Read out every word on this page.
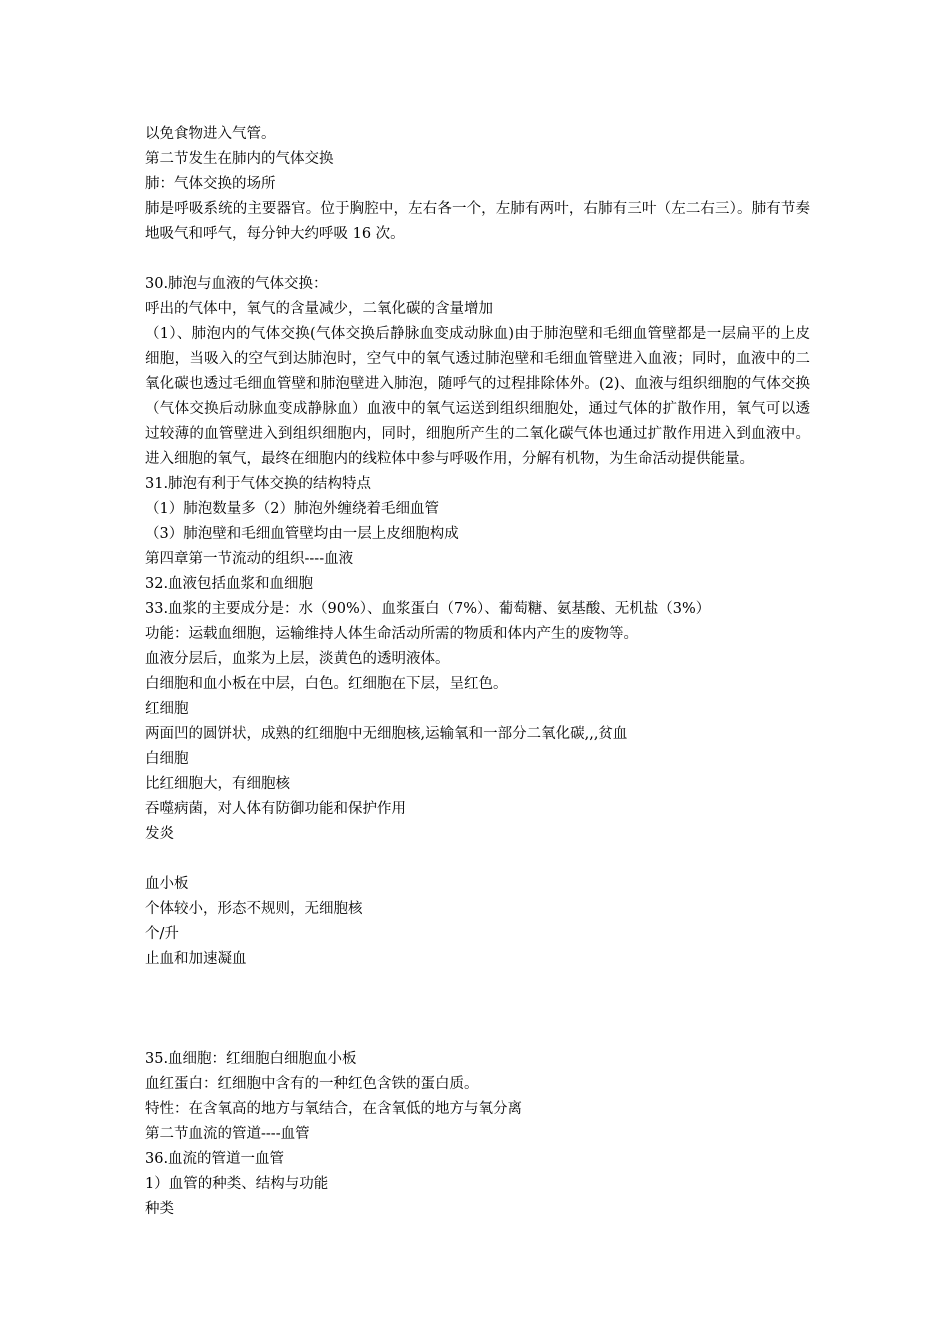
以免食物进入气管。
第二节发生在肺内的气体交换
肺：气体交换的场所
肺是呼吸系统的主要器官。位于胸腔中，左右各一个，左肺有两叶，右肺有三叶（左二右三）。肺有节奏地吸气和呼气，每分钟大约呼吸 16 次。
30.肺泡与血液的气体交换：
呼出的气体中，氧气的含量减少，二氧化碳的含量增加
（1）、肺泡内的气体交换(气体交换后静脉血变成动脉血)由于肺泡壁和毛细血管壁都是一层扁平的上皮细胞，当吸入的空气到达肺泡时，空气中的氧气透过肺泡壁和毛细血管壁进入血液；同时，血液中的二氧化碳也透过毛细血管壁和肺泡壁进入肺泡，随呼气的过程排除体外。(2)、血液与组织细胞的气体交换（气体交换后动脉血变成静脉血）血液中的氧气运送到组织细胞处，通过气体的扩散作用，氧气可以透过较薄的血管壁进入到组织细胞内，同时，细胞所产生的二氧化碳气体也通过扩散作用进入到血液中。进入细胞的氧气，最终在细胞内的线粒体中参与呼吸作用，分解有机物，为生命活动提供能量。
31.肺泡有利于气体交换的结构特点
（1）肺泡数量多（2）肺泡外缠绕着毛细血管
（3）肺泡壁和毛细血管壁均由一层上皮细胞构成
第四章第一节流动的组织----血液
32.血液包括血浆和血细胞
33.血浆的主要成分是：水（90%）、血浆蛋白（7%）、葡萄糖、氨基酸、无机盐（3%）
功能：运载血细胞，运输维持人体生命活动所需的物质和体内产生的废物等。
血液分层后，血浆为上层，淡黄色的透明液体。
白细胞和血小板在中层，白色。红细胞在下层，呈红色。
红细胞
两面凹的圆饼状，成熟的红细胞中无细胞核,运输氧和一部分二氧化碳,,,贫血
白细胞
比红细胞大，有细胞核
吞噬病菌，对人体有防御功能和保护作用
发炎
血小板
个体较小，形态不规则，无细胞核
个/升
止血和加速凝血
35.血细胞：红细胞白细胞血小板
血红蛋白：红细胞中含有的一种红色含铁的蛋白质。
特性：在含氧高的地方与氧结合，在含氧低的地方与氧分离
第二节血流的管道----血管
36.血流的管道一血管
1）血管的种类、结构与功能
种类
